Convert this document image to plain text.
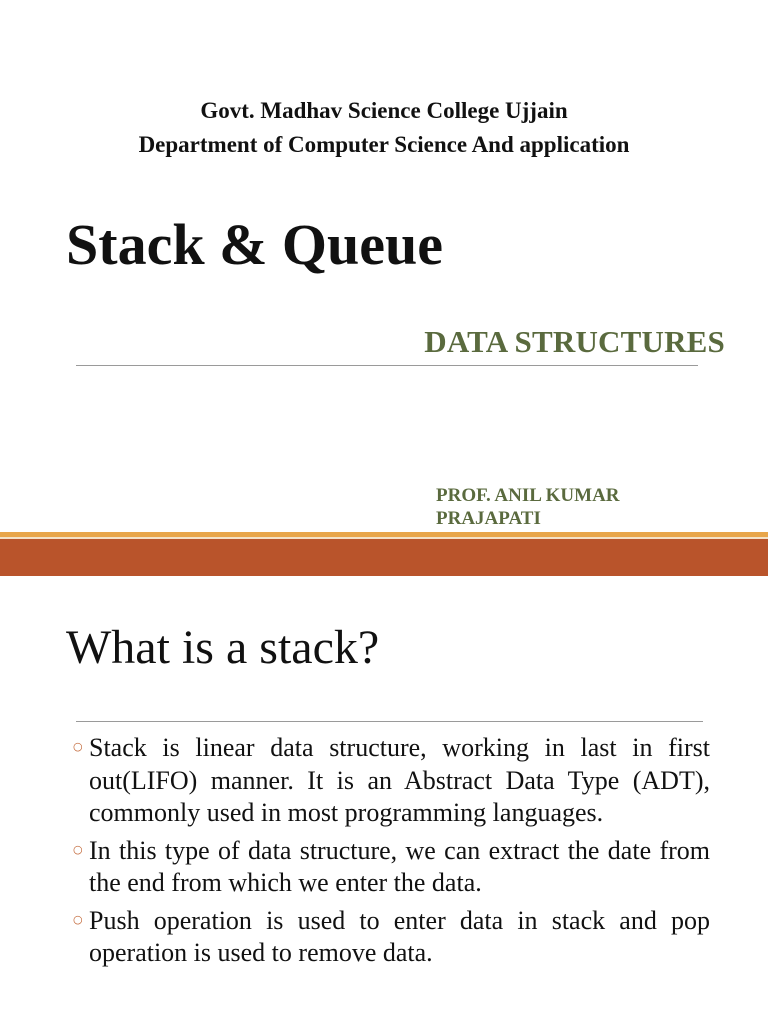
Govt. Madhav Science College Ujjain
Department of Computer Science And application
Stack & Queue
DATA STRUCTURES
PROF. ANIL KUMAR
PRAJAPATI
What is a stack?
○ Stack is linear data structure, working in last in first out(LIFO) manner. It is an Abstract Data Type (ADT), commonly used in most programming languages.
○ In this type of data structure, we can extract the date from the end from which we enter the data.
○ Push operation is used to enter data in stack and pop operation is used to remove data.
